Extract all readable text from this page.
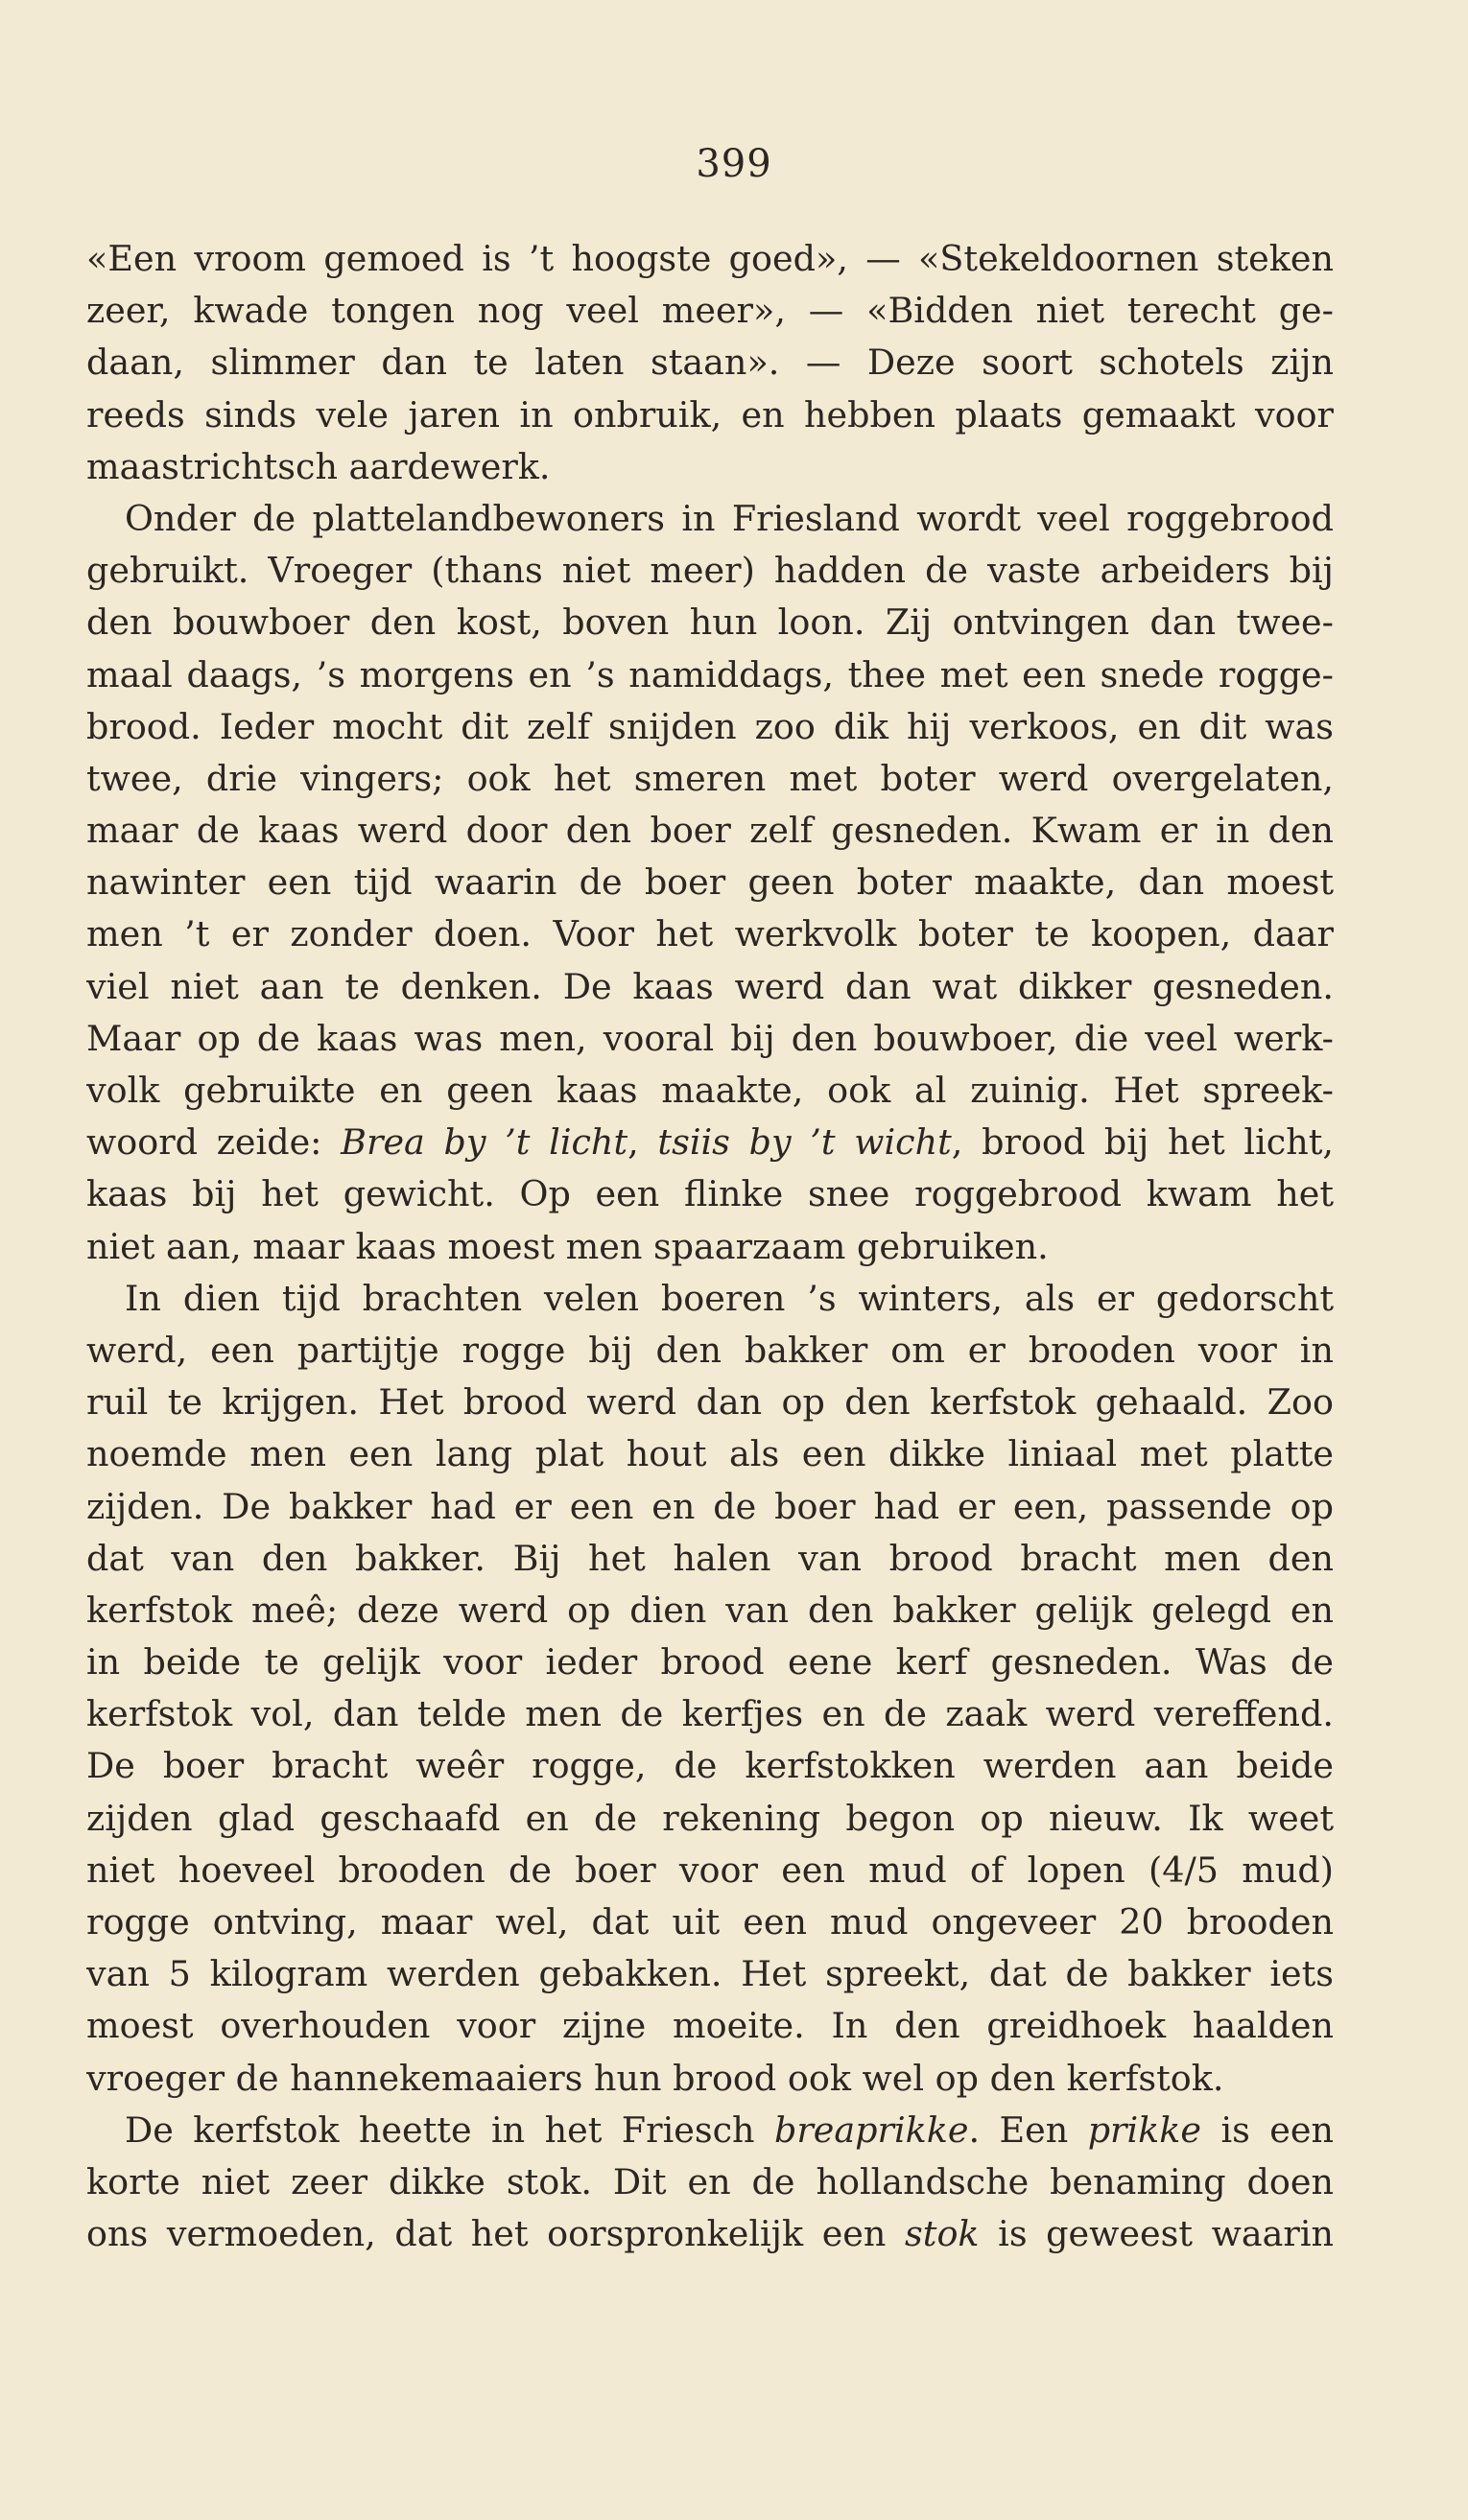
399
«Een vroom gemoed is ’t hoogste goed», — «Stekeldoornen steken
zeer, kwade tongen nog veel meer», — «Bidden niet terecht ge-
daan, slimmer dan te laten staan». — Deze soort schotels zijn
reeds sinds vele jaren in onbruik, en hebben plaats gemaakt voor
maastrichtsch aardewerk.
Onder de plattelandbewoners in Friesland wordt veel roggebrood
gebruikt. Vroeger (thans niet meer) hadden de vaste arbeiders bij
den bouwboer den kost, boven hun loon. Zij ontvingen dan twee-
maal daags, ’s morgens en ’s namiddags, thee met een snede rogge-
brood. Ieder mocht dit zelf snijden zoo dik hij verkoos, en dit was
twee, drie vingers; ook het smeren met boter werd overgelaten,
maar de kaas werd door den boer zelf gesneden. Kwam er in den
nawinter een tijd waarin de boer geen boter maakte, dan moest
men ’t er zonder doen. Voor het werkvolk boter te koopen, daar
viel niet aan te denken. De kaas werd dan wat dikker gesneden.
Maar op de kaas was men, vooral bij den bouwboer, die veel werk-
volk gebruikte en geen kaas maakte, ook al zuinig. Het spreek-
woord zeide: Brea by ’t licht, tsiis by ’t wicht, brood bij het licht,
kaas bij het gewicht. Op een flinke snee roggebrood kwam het
niet aan, maar kaas moest men spaarzaam gebruiken.
In dien tijd brachten velen boeren ’s winters, als er gedorscht
werd, een partijtje rogge bij den bakker om er brooden voor in
ruil te krijgen. Het brood werd dan op den kerfstok gehaald. Zoo
noemde men een lang plat hout als een dikke liniaal met platte
zijden. De bakker had er een en de boer had er een, passende op
dat van den bakker. Bij het halen van brood bracht men den
kerfstok meê; deze werd op dien van den bakker gelijk gelegd en
in beide te gelijk voor ieder brood eene kerf gesneden. Was de
kerfstok vol, dan telde men de kerfjes en de zaak werd vereffend.
De boer bracht weêr rogge, de kerfstokken werden aan beide
zijden glad geschaafd en de rekening begon op nieuw. Ik weet
niet hoeveel brooden de boer voor een mud of lopen (4/5 mud)
rogge ontving, maar wel, dat uit een mud ongeveer 20 brooden
van 5 kilogram werden gebakken. Het spreekt, dat de bakker iets
moest overhouden voor zijne moeite. In den greidhoek haalden
vroeger de hannekemaaiers hun brood ook wel op den kerfstok.
De kerfstok heette in het Friesch breaprikke. Een prikke is een
korte niet zeer dikke stok. Dit en de hollandsche benaming doen
ons vermoeden, dat het oorspronkelijk een stok is geweest waarin
